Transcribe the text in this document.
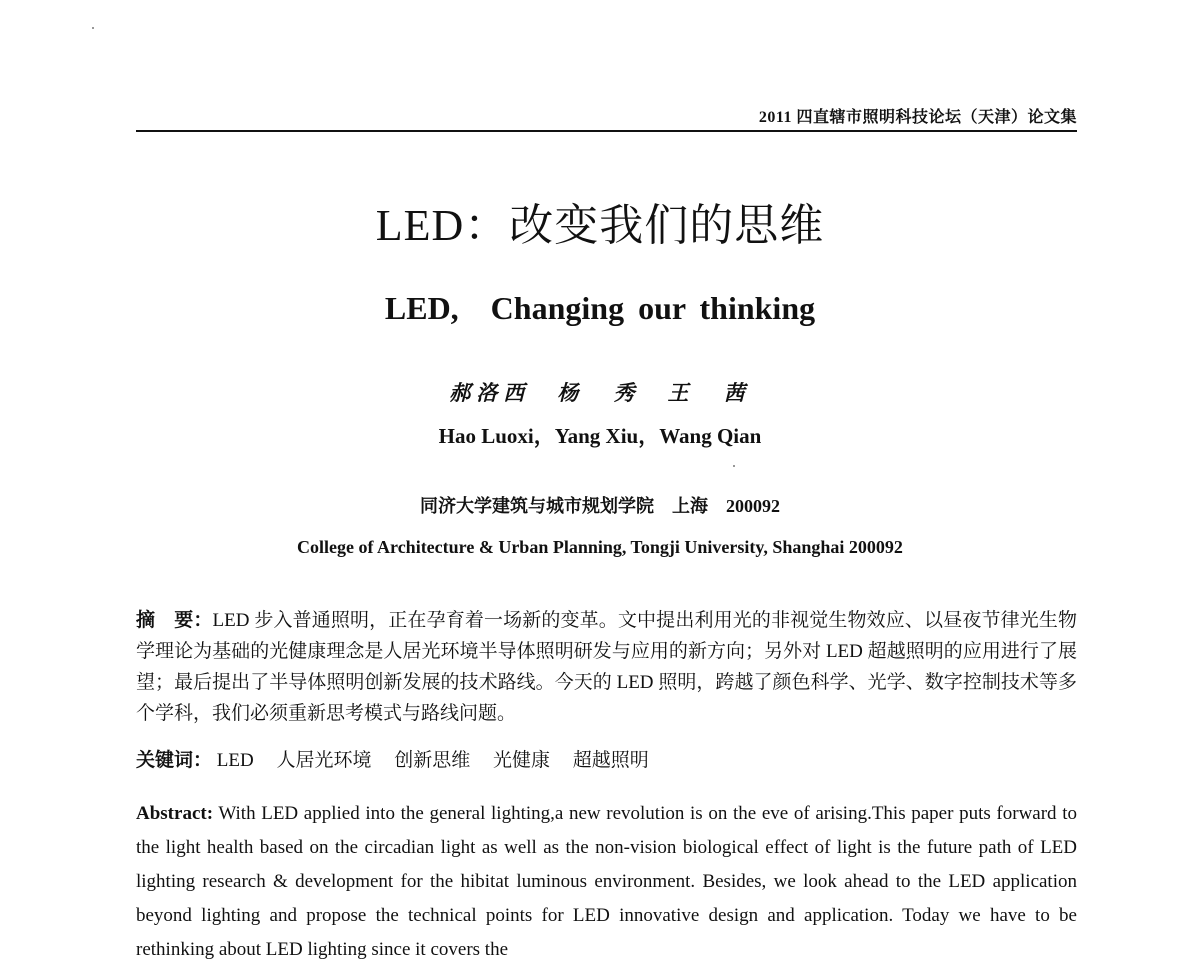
2011 四直辖市照明科技论坛（天津）论文集
LED：改变我们的思维
LED,　Changing our thinking
郝洛西　杨 秀　王 茜
Hao Luoxi，Yang Xiu，Wang Qian
同济大学建筑与城市规划学院　上海　200092
College of Architecture & Urban Planning, Tongji University, Shanghai 200092
摘　要：LED 步入普通照明，正在孕育着一场新的变革。文中提出利用光的非视觉生物效应、以昼夜节律光生物学理论为基础的光健康理念是人居光环境半导体照明研发与应用的新方向；另外对 LED 超越照明的应用进行了展望；最后提出了半导体照明创新发展的技术路线。今天的 LED 照明，跨越了颜色科学、光学、数字控制技术等多个学科，我们必须重新思考模式与路线问题。
关键词： LED 人居光环境 创新思维 光健康 超越照明
Abstract: With LED applied into the general lighting,a new revolution is on the eve of arising.This paper puts forward to the light health based on the circadian light as well as the non-vision biological effect of light is the future path of LED lighting research & development for the hibitat luminous environment. Besides, we look ahead to the LED application beyond lighting and propose the technical points for LED innovative design and application. Today we have to be rethinking about LED lighting since it covers the
